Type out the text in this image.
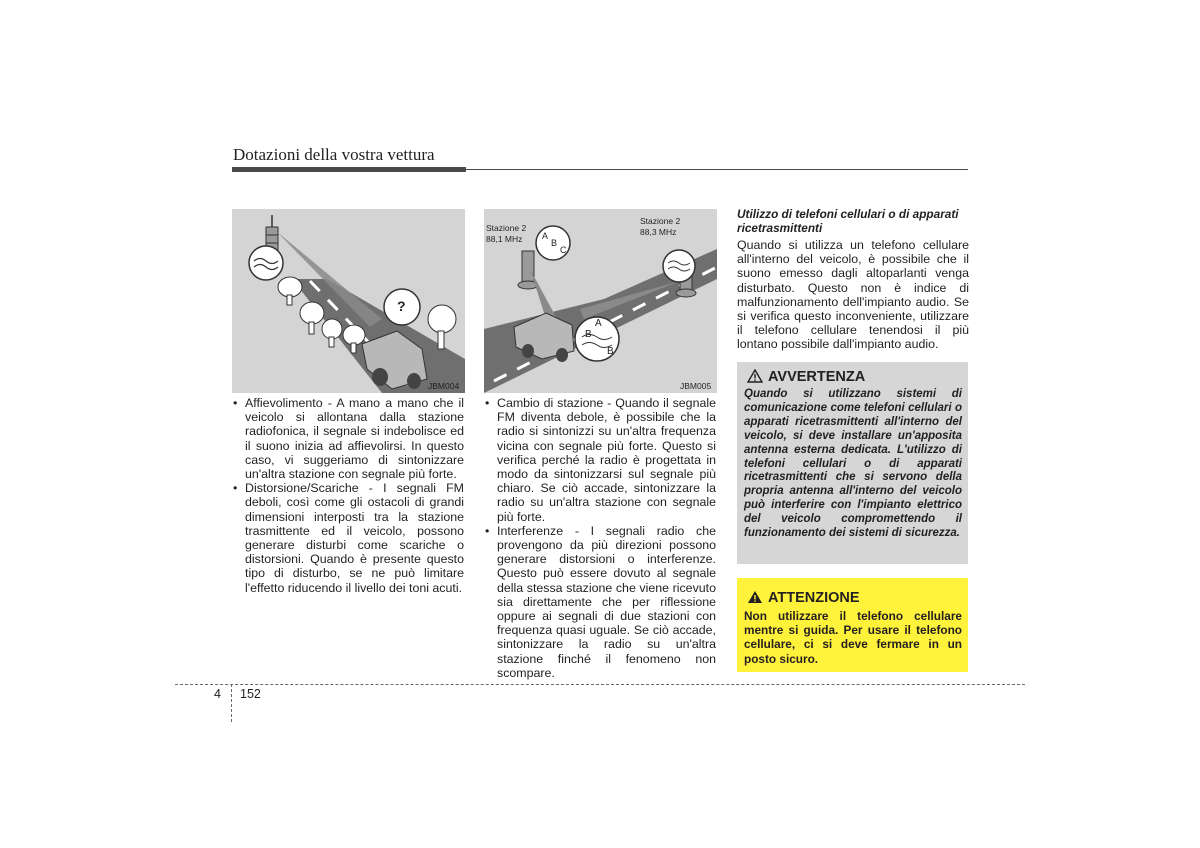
Dotazioni della vostra vettura
JBM004
?
Stazione 2
88,1 MHz
Stazione 2
88,3 MHz
A
B
C
A
B
B
JBM005
• Affievolimento - A mano a mano che il veicolo si allontana dalla stazione radiofonica, il segnale si indebolisce ed il suono inizia ad affievolirsi. In questo caso, vi suggeriamo di sintonizzare un'altra stazione con segnale più forte.
• Distorsione/Scariche - I segnali FM deboli, così come gli ostacoli di grandi dimensioni interposti tra la stazione trasmittente ed il veicolo, possono generare disturbi come scariche o distorsioni. Quando è presente questo tipo di disturbo, se ne può limitare l'effetto riducendo il livello dei toni acuti.
• Cambio di stazione - Quando il segnale FM diventa debole, è possibile che la radio si sintonizzi su un'altra frequenza vicina con segnale più forte. Questo si verifica perché la radio è progettata in modo da sintonizzarsi sul segnale più chiaro. Se ciò accade, sintonizzare la radio su un'altra stazione con segnale più forte.
• Interferenze - I segnali radio che provengono da più direzioni possono generare distorsioni o interferenze. Questo può essere dovuto al segnale della stessa stazione che viene ricevuto sia direttamente che per riflessione oppure ai segnali di due stazioni con frequenza quasi uguale. Se ciò accade, sintonizzare la radio su un'altra stazione finché il fenomeno non scompare.
Utilizzo di telefoni cellulari o di apparati ricetrasmittenti
Quando si utilizza un telefono cellulare all'interno del veicolo, è possibile che il suono emesso dagli altoparlanti venga disturbato. Questo non è indice di malfunzionamento dell'impianto audio. Se si verifica questo inconveniente, utilizzare il telefono cellulare tenendosi il più lontano possibile dall'impianto audio.
AVVERTENZA
Quando si utilizzano sistemi di comunicazione come telefoni cellulari o apparati ricetrasmittenti all'interno del veicolo, si deve installare un'apposita antenna esterna dedicata. L'utilizzo di telefoni cellulari o di apparati ricetrasmittenti che si servono della propria antenna all'interno del veicolo può interferire con l'impianto elettrico del veicolo compromettendo il funzionamento dei sistemi di sicurezza.
ATTENZIONE
Non utilizzare il telefono cellulare mentre si guida. Per usare il telefono cellulare, ci si deve fermare in un posto sicuro.
4 152
